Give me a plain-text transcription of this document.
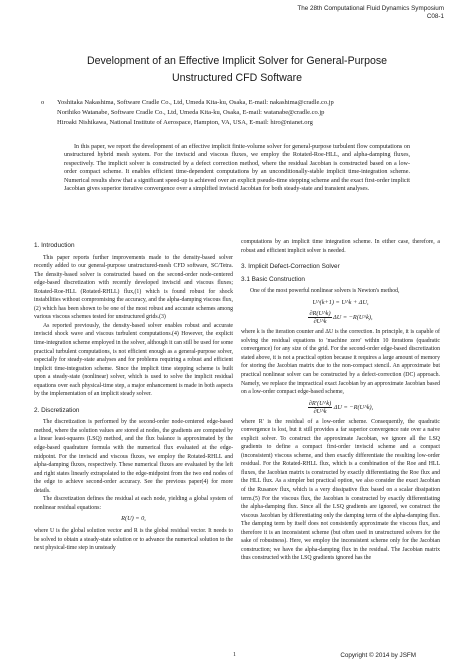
The 28th Computational Fluid Dynamics Symposium
C08-1
Development of an Effective Implicit Solver for General-Purpose
Unstructured CFD Software
o	Yoshitaka Nakashima, Software Cradle Co., Ltd, Umeda Kita-ku, Osaka, E-mail: nakashima@cradle.co.jp
Norihiko Watanabe, Software Cradle Co., Ltd, Umeda Kita-ku, Osaka, E-mail: watanabe@cradle.co.jp
Hiroaki Nishikawa, National Institute of Aerospace, Hampton, VA, USA, E-mail: hiro@nianet.org
In this paper, we report the development of an effective implicit finite-volume solver for general-purpose turbulent flow computations on unstructured hybrid mesh system. For the inviscid and viscous fluxes, we employ the Rotated-Roe-HLL, and alpha-damping fluxes, respectively. The implicit solver is constructed by a defect correction method, where the residual Jacobian is constructed based on a low-order compact scheme. It enables efficient time-dependent computations by an unconditionally-stable implicit time-integration scheme. Numerical results show that a significant speed-up is achieved over an explicit pseudo-time stepping scheme and the exact first-order implicit Jacobian gives superior iterative convergence over a simplified inviscid Jacobian for both steady-state and transient analyses.
1. Introduction

This paper reports further improvements made to the density-based solver recently added to our general-purpose unstructured-mesh CFD software, SC/Tetra. The density-based solver is constructed based on the second-order node-centered edge-based discretization with recently developed inviscid and viscous fluxes; Rotated-Roe-HLL (Rotated-RHLL) flux,(1) which is found robust for shock instabilities without compromising the accuracy, and the alpha-damping viscous flux,(2) which has been shown to be one of the most robust and accurate schemes among various viscous schemes tested for unstructured grids.(3)

As reported previously, the density-based solver enables robust and accurate inviscid shock wave and viscous turbulent computations.(4) However, the explicit time-integration scheme employed in the solver, although it can still be used for some practical turbulent computations, is not efficient enough as a general-purpose solver, especially for steady-state analyses and for problems requiring a robust and efficient implicit time-integration scheme. Since the implicit time stepping scheme is built upon a steady-state (nonlinear) solver, which is used to solve the implicit residual equations over each physical-time step, a major enhancement is made in both aspects by the implementation of an implicit steady solver.

2. Discretization

The discretization is performed by the second-order node-centered edge-based method, where the solution values are stored at nodes, the gradients are computed by a linear least-squares (LSQ) method, and the flux balance is approximated by the edge-based quadrature formula with the numerical flux evaluated at the edge-midpoint. For the inviscid and viscous fluxes, we employ the Rotated-RHLL and alpha-damping fluxes, respectively. These numerical fluxes are evaluated by the left and right states linearly extrapolated to the edge-midpoint from the two end nodes of the edge to achieve second-order accuracy. See the previous paper(4) for more details.

The discretization defines the residual at each node, yielding a global system of nonlinear residual equations:

R(U) = 0,

where U is the global solution vector and R is the global residual vector. It needs to be solved to obtain a steady-state solution or to advance the numerical solution to the next physical-time step in unsteady

computations by an implicit time integration scheme. In either case, therefore, a robust and efficient implicit solver is needed.

3. Implicit Defect-Correction Solver
3.1 Basic Construction

One of the most powerful nonlinear solvers is Newton's method,

U^(k+1) = U^k + ΔU,
$\frac{\partial R(U\^{}k)}{\partial U\^{}k}$ ΔU = −R(U^k),

where k is the iteration counter and ΔU is the correction. In principle, it is capable of solving the residual equations to 'machine zero' within 10 iterations (quadratic convergence) for any size of the grid. For the second-order edge-based discretization stated above, it is not a practical option because it requires a large amount of memory for storing the Jacobian matrix due to the non-compact stencil. An approximate but practical nonlinear solver can be constructed by a defect-correction (DC) approach. Namely, we replace the impractical exact Jacobian by an approximate Jacobian based on a low-order compact edge-based scheme,

$\frac{\partial R'(U\^{}k)}{\partial U\^{}k}$ ΔU = −R(U^k),

where R' is the residual of a low-order scheme. Consequently, the quadratic convergence is lost, but it still provides a far superior convergence rate over a naive explicit solver. To construct the approximate Jacobian, we ignore all the LSQ gradients to define a compact first-order inviscid scheme and a compact (inconsistent) viscous scheme, and then exactly differentiate the resulting low-order residual. For the Rotated-RHLL flux, which is a combination of the Roe and HLL fluxes, the Jacobian matrix is constructed by exactly differentiating the Roe flux and the HLL flux. As a simpler but practical option, we also consider the exact Jacobian of the Rusanov flux, which is a very dissipative flux based on a scalar dissipation term.(5) For the viscous flux, the Jacobian is constructed by exactly differentiating the alpha-damping flux. Since all the LSQ gradients are ignored, we construct the viscous Jacobian by differentiating only the damping term of the alpha-damping flux. The damping term by itself does not consistently approximate the viscous flux, and therefore it is an inconsistent scheme (but often used in unstructured solvers for the sake of robustness). Here, we employ the inconsistent scheme only for the Jacobian construction; we have the alpha-damping flux in the residual. The Jacobian matrix thus constructed with the LSQ gradients ignored has the

1	Copyright © 2014 by JSFM
